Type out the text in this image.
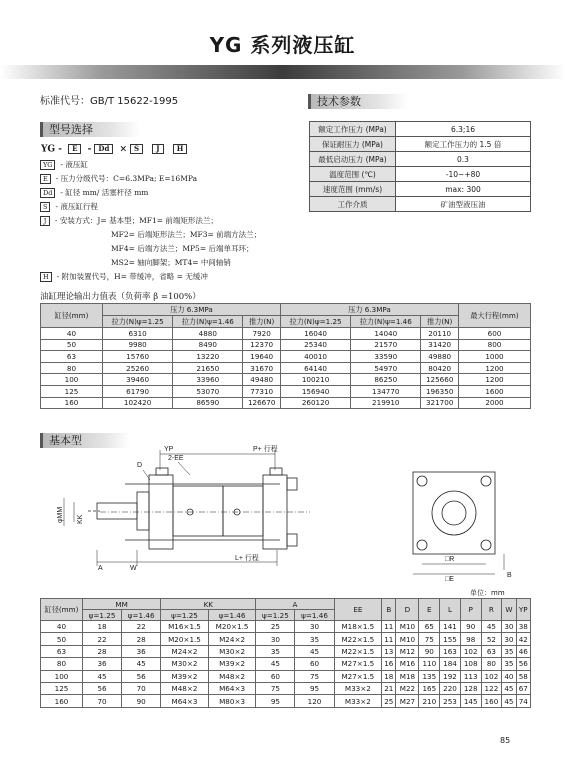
YG 系列液压缸
标准代号：GB/T 15622-1995
型号选择
YG - E - Dd × S J H
YG - 液压缸
E - 压力分级代号：C=6.3MPa; E=16MPa
Dd - 缸径 mm/ 活塞杆径 mm
S - 液压缸行程
J - 安装方式：J= 基本型；MF1= 前端矩形法兰；
MF2= 后端矩形法兰；MF3= 前端方法兰；
MF4= 后端方法兰；MP5= 后端单耳环；
MS2= 轴向脚架；MT4= 中间轴销
H - 附加装置代号，H= 带缓冲，省略 = 无缓冲
技术参数
额定工作压力 (MPa)	6.3;16
保证耐压力 (MPa)	额定工作压力的 1.5 倍
最低启动压力 (MPa)	0.3
温度范围 (℃)	-10~+80
速度范围 (mm/s)	max: 300
工作介质	矿油型液压油
油缸理论输出力值表（负荷率 β =100%）
缸径(mm)	压力 6.3MPa			压力 6.3MPa			最大行程(mm)
	拉力(N)ψ=1.25	拉力(N)ψ=1.46	推力(N)	拉力(N)ψ=1.25	拉力(N)ψ=1.46	推力(N)	
40	6310	4880	7920	16040	14040	20110	600
50	9980	8490	12370	25340	21570	31420	800
63	15760	13220	19640	40010	33590	49880	1000
80	25260	21650	31670	64140	54970	80420	1200
100	39460	33960	49480	100210	86250	125660	1200
125	61790	53070	77310	156940	134770	196350	1600
160	102420	86590	126670	260120	219910	321700	2000
基本型
YP	P+ 行程
D
2-EE
φMM KK
A	W
L+ 行程	□R
□E
B
单位：mm
缸径(mm)	MM		KK		A		EE	B	D	E	L	P	R	W	YP
	ψ=1.25	ψ=1.46	ψ=1.25	ψ=1.46	ψ=1.25	ψ=1.46									
40	18	22	M16×1.5	M20×1.5	25	30	M18×1.5	11	M10	65	141	90	45	30	38
50	22	28	M20×1.5	M24×2	30	35	M22×1.5	11	M10	75	155	98	52	30	42
63	28	36	M24×2	M30×2	35	45	M22×1.5	13	M12	90	163	102	63	35	46
80	36	45	M30×2	M39×2	45	60	M27×1.5	16	M16	110	184	108	80	35	56
100	45	56	M39×2	M48×2	60	75	M27×1.5	18	M18	135	192	113	102	40	58
125	56	70	M48×2	M64×3	75	95	M33×2	21	M22	165	220	128	122	45	67
160	70	90	M64×3	M80×3	95	120	M33×2	25	M27	210	253	145	160	45	74
85
